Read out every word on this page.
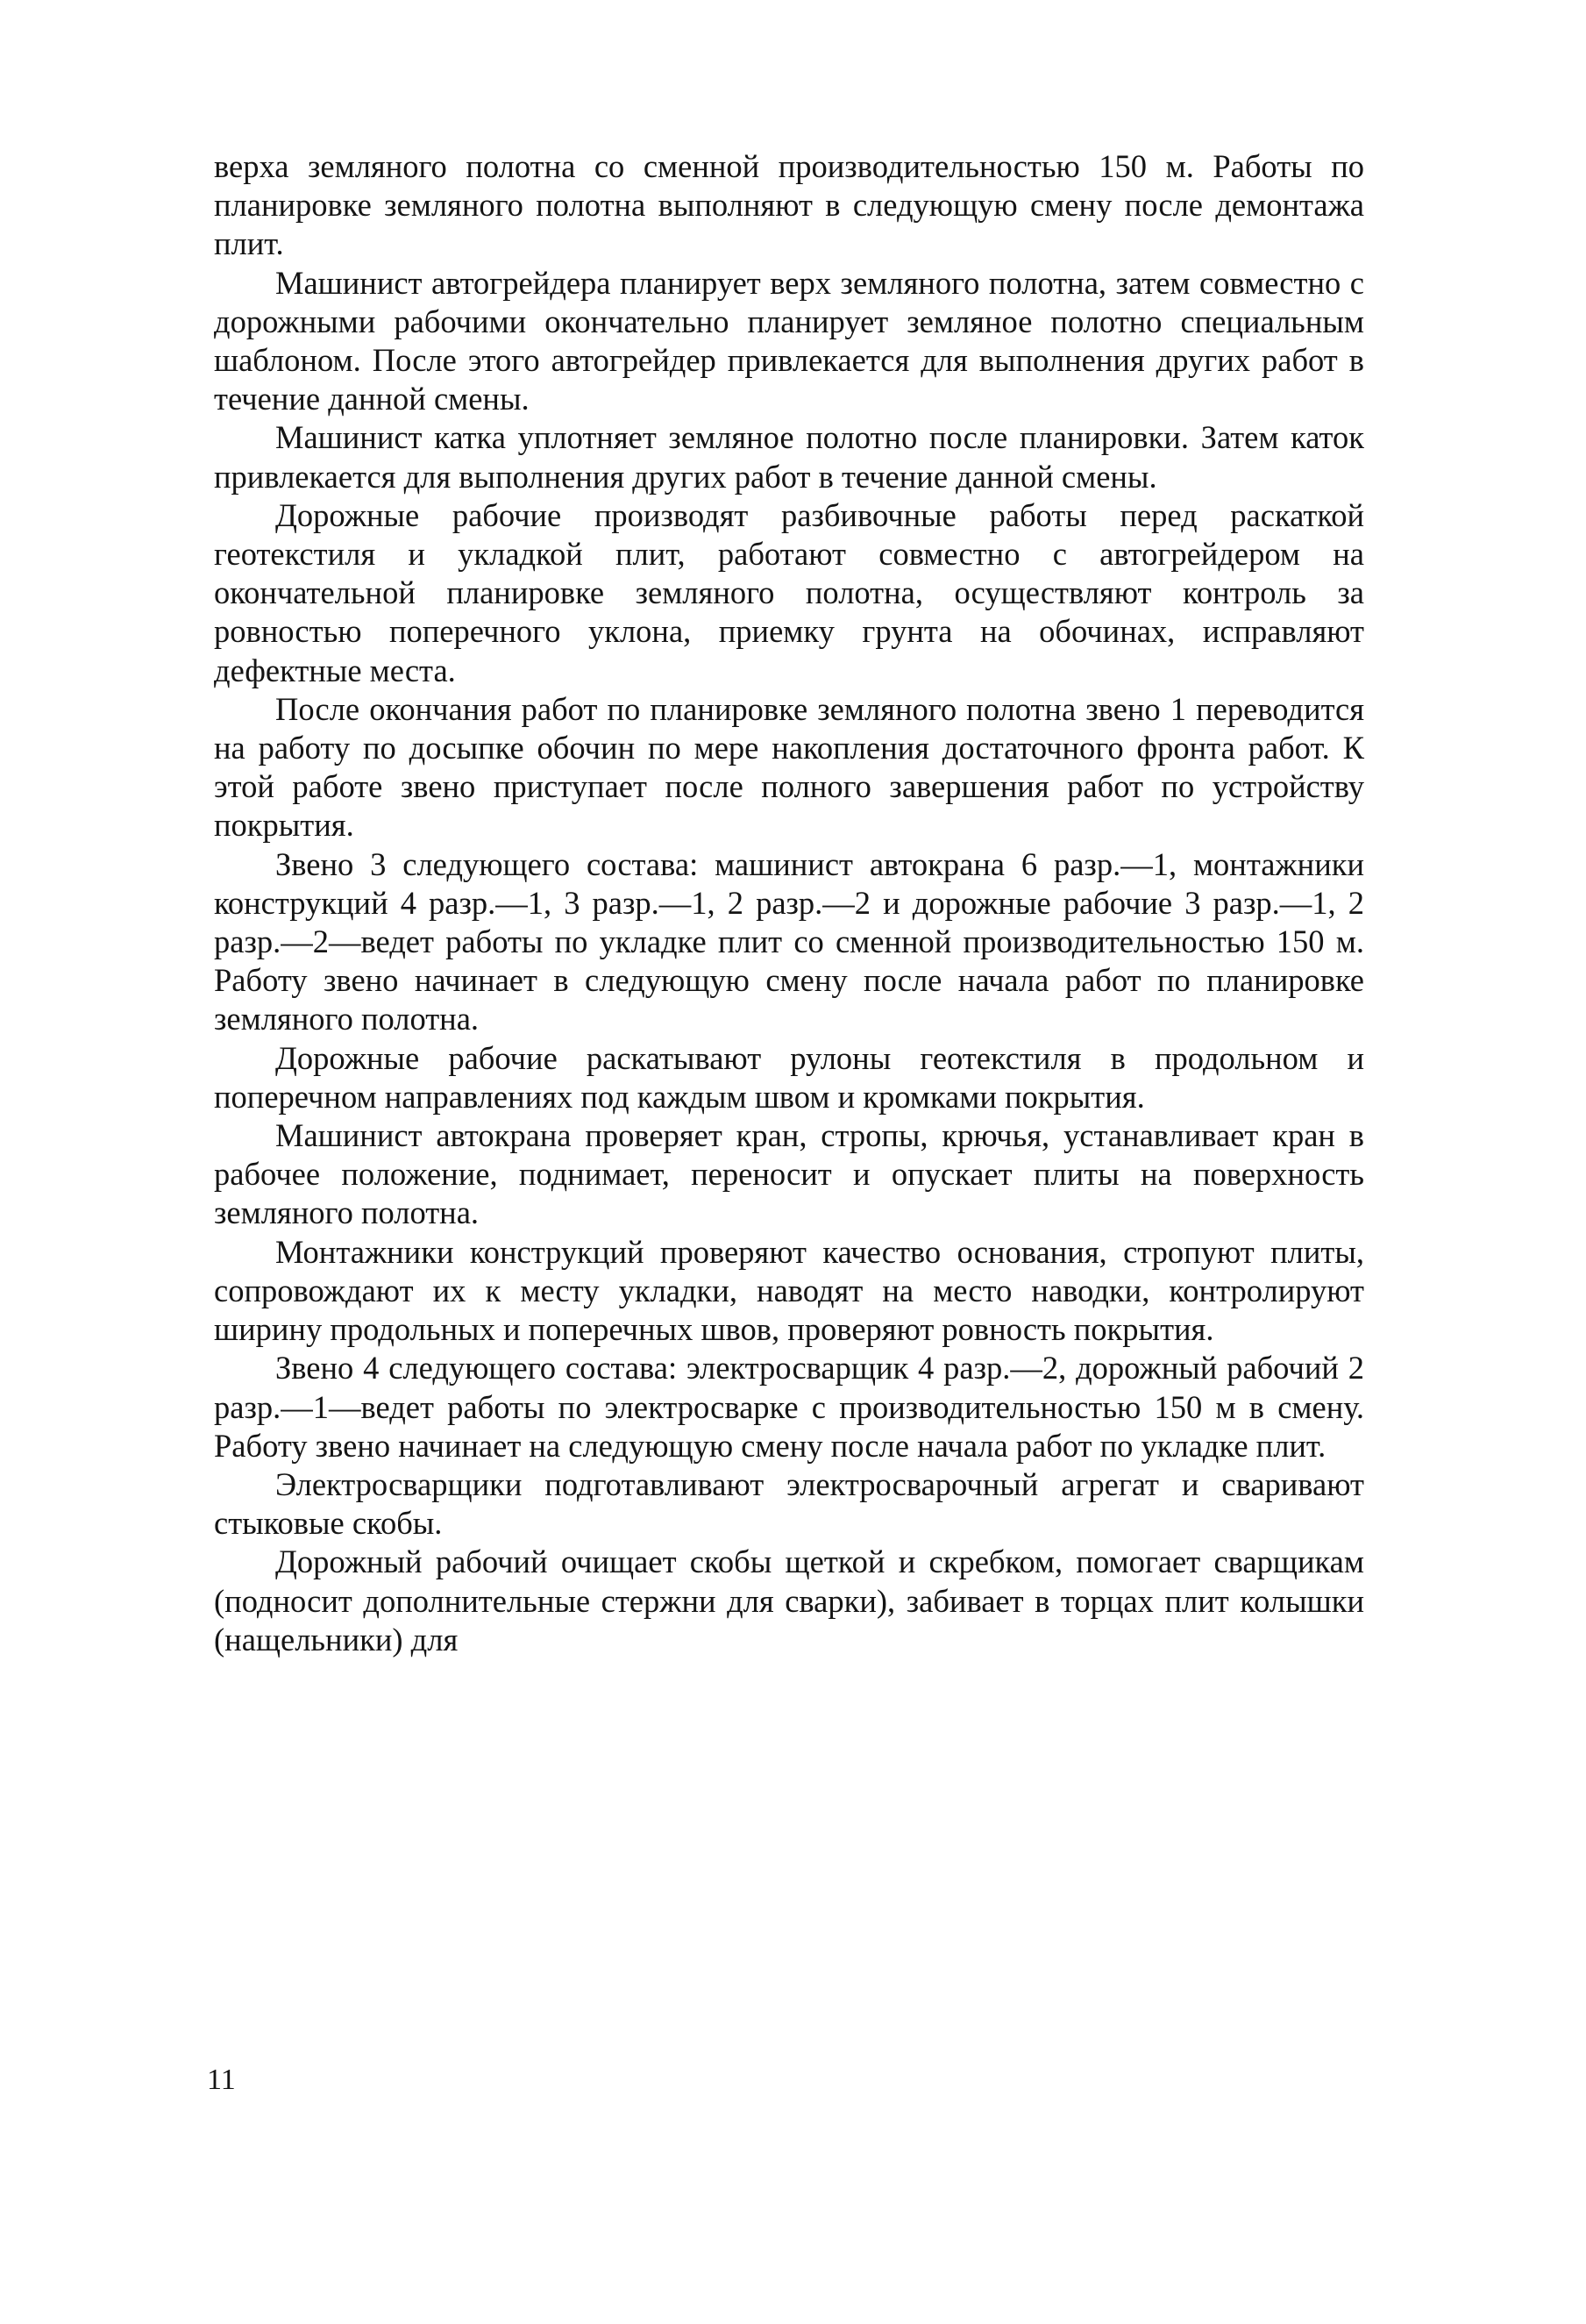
верха земляного полотна со сменной производительностью 150 м. Работы по планировке земляного полотна выполняют в следующую смену после демонтажа плит.

Машинист автогрейдера планирует верх земляного полотна, затем совместно с дорожными рабочими окончательно планирует земляное полотно специальным шаблоном. После этого автогрейдер привлекается для выполнения других работ в течение данной смены.

Машинист катка уплотняет земляное полотно после планировки. Затем каток привлекается для выполнения других работ в течение данной смены.

Дорожные рабочие производят разбивочные работы перед раскаткой геотекстиля и укладкой плит, работают совместно с автогрейдером на окончательной планировке земляного полотна, осуществляют контроль за ровностью поперечного уклона, приемку грунта на обочинах, исправляют дефектные места.

После окончания работ по планировке земляного полотна звено 1 переводится на работу по досыпке обочин по мере накопления достаточного фронта работ. К этой работе звено приступает после полного завершения работ по устройству покрытия.

Звено 3 следующего состава: машинист автокрана 6 разр.—1, монтажники конструкций 4 разр.—1, 3 разр.—1, 2 разр.—2 и дорожные рабочие 3 разр.—1, 2 разр.—2—ведет работы по укладке плит со сменной производительностью 150 м. Работу звено начинает в следующую смену после начала работ по планировке земляного полотна.

Дорожные рабочие раскатывают рулоны геотекстиля в продольном и поперечном направлениях под каждым швом и кромками покрытия.

Машинист автокрана проверяет кран, стропы, крючья, устанавливает кран в рабочее положение, поднимает, переносит и опускает плиты на поверхность земляного полотна.

Монтажники конструкций проверяют качество основания, стропуют плиты, сопровождают их к месту укладки, наводят на место наводки, контролируют ширину продольных и поперечных швов, проверяют ровность покрытия.

Звено 4 следующего состава: электросварщик 4 разр.—2, дорожный рабочий 2 разр.—1—ведет работы по электросварке с производительностью 150 м в смену. Работу звено начинает на следующую смену после начала работ по укладке плит.

Электросварщики подготавливают электросварочный агрегат и сваривают стыковые скобы.

Дорожный рабочий очищает скобы щеткой и скребком, помогает сварщикам (подносит дополнительные стержни для сварки), забивает в торцах плит колышки (нащельники) для

11
